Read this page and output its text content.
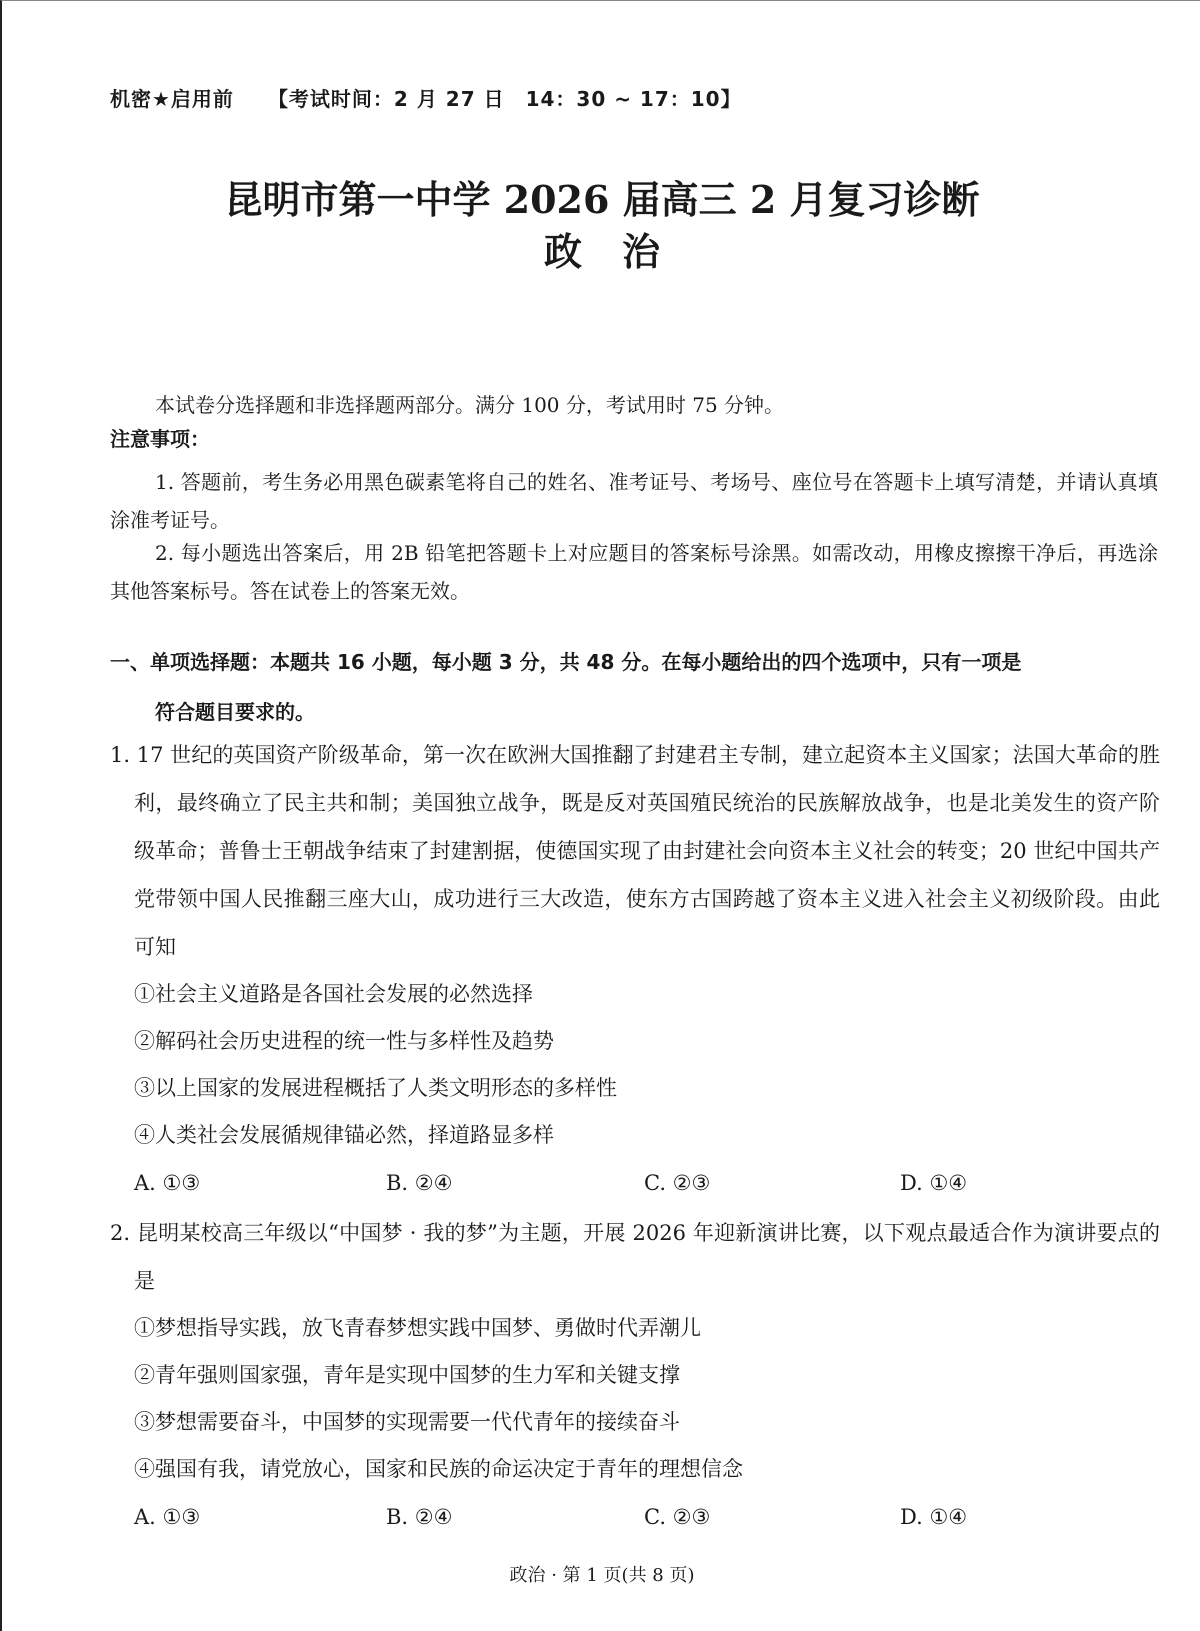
机密★启用前 【考试时间：2 月 27 日　14：30 ~ 17：10】
昆明市第一中学 2026 届高三 2 月复习诊断
政 治
本试卷分选择题和非选择题两部分。满分 100 分，考试用时 75 分钟。
注意事项：
1. 答题前，考生务必用黑色碳素笔将自己的姓名、准考证号、考场号、座位号在答题卡上填写清楚，并请认真填涂准考证号。
2. 每小题选出答案后，用 2B 铅笔把答题卡上对应题目的答案标号涂黑。如需改动，用橡皮擦擦干净后，再选涂其他答案标号。答在试卷上的答案无效。
一、单项选择题：本题共 16 小题，每小题 3 分，共 48 分。在每小题给出的四个选项中，只有一项是
符合题目要求的。
1. 17 世纪的英国资产阶级革命，第一次在欧洲大国推翻了封建君主专制，建立起资本主义国家；法国大革命的胜利，最终确立了民主共和制；美国独立战争，既是反对英国殖民统治的民族解放战争，也是北美发生的资产阶级革命；普鲁士王朝战争结束了封建割据，使德国实现了由封建社会向资本主义社会的转变；20 世纪中国共产党带领中国人民推翻三座大山，成功进行三大改造，使东方古国跨越了资本主义进入社会主义初级阶段。由此可知
①社会主义道路是各国社会发展的必然选择
②解码社会历史进程的统一性与多样性及趋势
③以上国家的发展进程概括了人类文明形态的多样性
④人类社会发展循规律锚必然，择道路显多样
A. ①③	B. ②④	C. ②③	D. ①④
2. 昆明某校高三年级以“中国梦 · 我的梦”为主题，开展 2026 年迎新演讲比赛，以下观点最适合作为演讲要点的是
①梦想指导实践，放飞青春梦想实践中国梦、勇做时代弄潮儿
②青年强则国家强，青年是实现中国梦的生力军和关键支撑
③梦想需要奋斗，中国梦的实现需要一代代青年的接续奋斗
④强国有我，请党放心，国家和民族的命运决定于青年的理想信念
A. ①③	B. ②④	C. ②③	D. ①④
政治 · 第 1 页(共 8 页)
